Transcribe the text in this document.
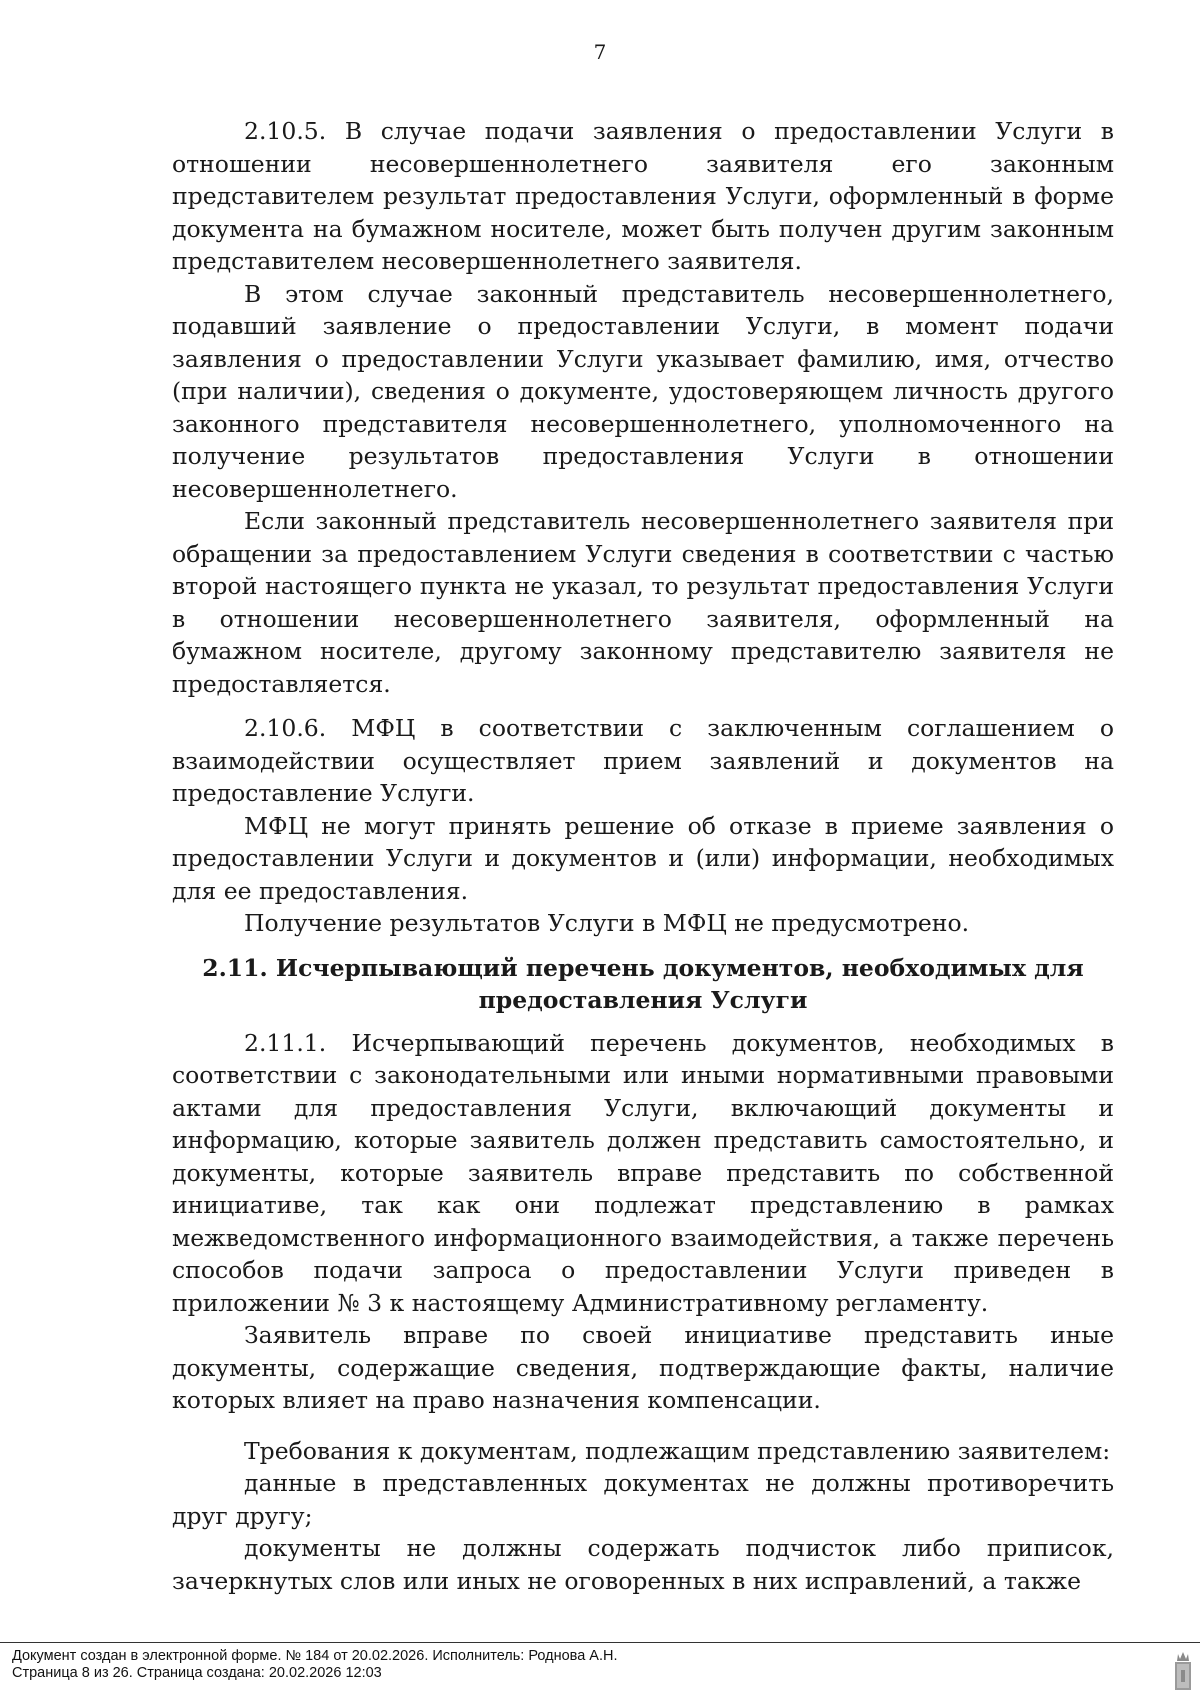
7

2.10.5. В случае подачи заявления о предоставлении Услуги в отношении несовершеннолетнего заявителя его законным представителем результат предоставления Услуги, оформленный в форме документа на бумажном носителе, может быть получен другим законным представителем несовершеннолетнего заявителя.

В этом случае законный представитель несовершеннолетнего, подавший заявление о предоставлении Услуги, в момент подачи заявления о предоставлении Услуги указывает фамилию, имя, отчество (при наличии), сведения о документе, удостоверяющем личность другого законного представителя несовершеннолетнего, уполномоченного на получение результатов предоставления Услуги в отношении несовершеннолетнего.

Если законный представитель несовершеннолетнего заявителя при обращении за предоставлением Услуги сведения в соответствии с частью второй настоящего пункта не указал, то результат предоставления Услуги в отношении несовершеннолетнего заявителя, оформленный на бумажном носителе, другому законному представителю заявителя не предоставляется.

2.10.6. МФЦ в соответствии с заключенным соглашением о взаимодействии осуществляет прием заявлений и документов на предоставление Услуги.

МФЦ не могут принять решение об отказе в приеме заявления о предоставлении Услуги и документов и (или) информации, необходимых для ее предоставления.

Получение результатов Услуги в МФЦ не предусмотрено.

2.11. Исчерпывающий перечень документов, необходимых для
предоставления Услуги

2.11.1. Исчерпывающий перечень документов, необходимых в соответствии с законодательными или иными нормативными правовыми актами для предоставления Услуги, включающий документы и информацию, которые заявитель должен представить самостоятельно, и документы, которые заявитель вправе представить по собственной инициативе, так как они подлежат представлению в рамках межведомственного информационного взаимодействия, а также перечень способов подачи запроса о предоставлении Услуги приведен в приложении № 3 к настоящему Административному регламенту.

Заявитель вправе по своей инициативе представить иные документы, содержащие сведения, подтверждающие факты, наличие которых влияет на право назначения компенсации.

Требования к документам, подлежащим представлению заявителем:

данные в представленных документах не должны противоречить друг другу;

документы не должны содержать подчисток либо приписок, зачеркнутых слов или иных не оговоренных в них исправлений, а также

Документ создан в электронной форме. № 184 от 20.02.2026. Исполнитель: Роднова А.Н.
Страница 8 из 26. Страница создана: 20.02.2026 12:03
